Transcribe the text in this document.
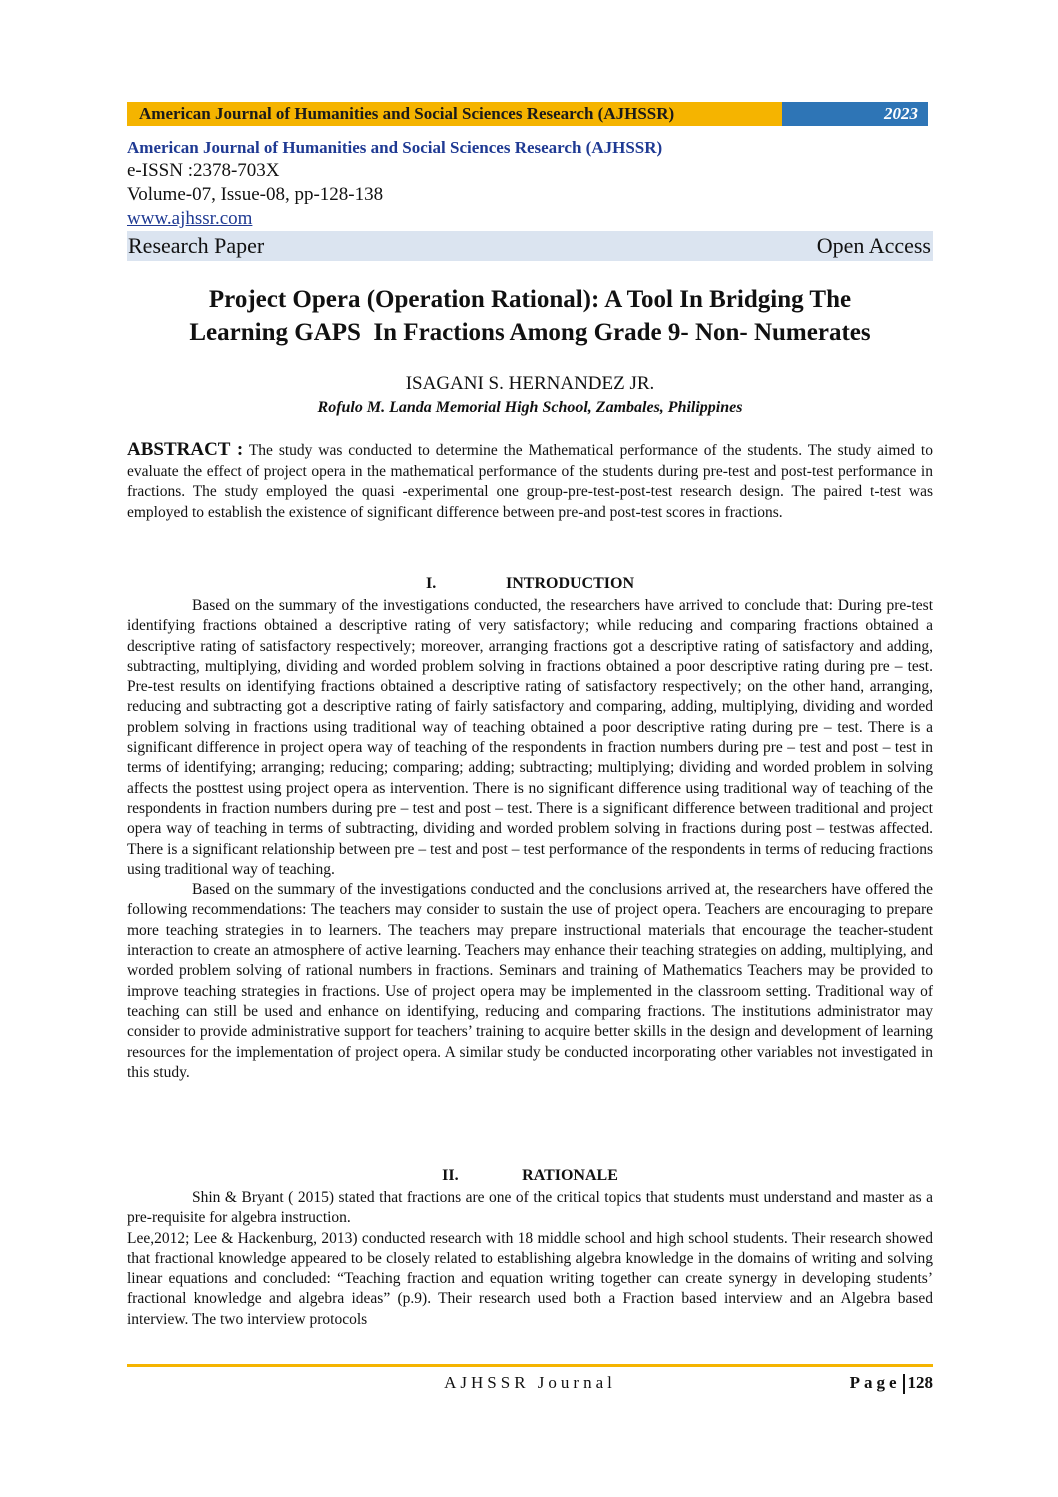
American Journal of Humanities and Social Sciences Research (AJHSSR)	2023
American Journal of Humanities and Social Sciences Research (AJHSSR)
e-ISSN :2378-703X
Volume-07, Issue-08, pp-128-138
www.ajhssr.com
Research Paper	Open Access
Project Opera (Operation Rational): A Tool In Bridging The
Learning GAPS  In Fractions Among Grade 9- Non- Numerates
ISAGANI S. HERNANDEZ JR.
Rofulo M. Landa Memorial High School, Zambales, Philippines
ABSTRACT : The study was conducted to determine the Mathematical performance of the students. The study aimed to evaluate the effect of project opera in the mathematical performance of the students during pre-test and post-test performance in fractions. The study employed the quasi -experimental one group-pre-test-post-test research design. The paired t-test was employed to establish the existence of significant difference between pre-and post-test scores in fractions.
I.	INTRODUCTION

Based on the summary of the investigations conducted, the researchers have arrived to conclude that: During pre-test identifying fractions obtained a descriptive rating of very satisfactory; while reducing and comparing fractions obtained a descriptive rating of satisfactory respectively; moreover, arranging fractions got a descriptive rating of satisfactory and adding, subtracting, multiplying, dividing and worded problem solving in fractions obtained a poor descriptive rating during pre – test. Pre-test results on identifying fractions obtained a descriptive rating of satisfactory respectively; on the other hand, arranging, reducing and subtracting got a descriptive rating of fairly satisfactory and comparing, adding, multiplying, dividing and worded problem solving in fractions using traditional way of teaching obtained a poor descriptive rating during pre – test. There is a significant difference in project opera way of teaching of the respondents in fraction numbers during pre – test and post – test in terms of identifying; arranging; reducing; comparing; adding; subtracting; multiplying; dividing and worded problem in solving affects the posttest using project opera as intervention. There is no significant difference using traditional way of teaching of the respondents in fraction numbers during pre – test and post – test. There is a significant difference between traditional and project opera way of teaching in terms of subtracting, dividing and worded problem solving in fractions during post – testwas affected. There is a significant relationship between pre – test and post – test performance of the respondents in terms of reducing fractions using traditional way of teaching.

Based on the summary of the investigations conducted and the conclusions arrived at, the researchers have offered the following recommendations: The teachers may consider to sustain the use of project opera. Teachers are encouraging to prepare more teaching strategies in to learners. The teachers may prepare instructional materials that encourage the teacher-student interaction to create an atmosphere of active learning. Teachers may enhance their teaching strategies on adding, multiplying, and worded problem solving of rational numbers in fractions. Seminars and training of Mathematics Teachers may be provided to improve teaching strategies in fractions. Use of project opera may be implemented in the classroom setting. Traditional way of teaching can still be used and enhance on identifying, reducing and comparing fractions. The institutions administrator may consider to provide administrative support for teachers’ training to acquire better skills in the design and development of learning resources for the implementation of project opera. A similar study be conducted incorporating other variables not investigated in this study.

II.	RATIONALE

Shin & Bryant ( 2015) stated that fractions are one of the critical topics that students must understand and master as a pre-requisite for algebra instruction.

Lee,2012; Lee & Hackenburg, 2013) conducted research with 18 middle school and high school students. Their research showed that fractional knowledge appeared to be closely related to establishing algebra knowledge in the domains of writing and solving linear equations and concluded: “Teaching fraction and equation writing together can create synergy in developing students’ fractional knowledge and algebra ideas” (p.9). Their research used both a Fraction based interview and an Algebra based interview. The two interview protocols

AJHSSR Journal	Page 128
